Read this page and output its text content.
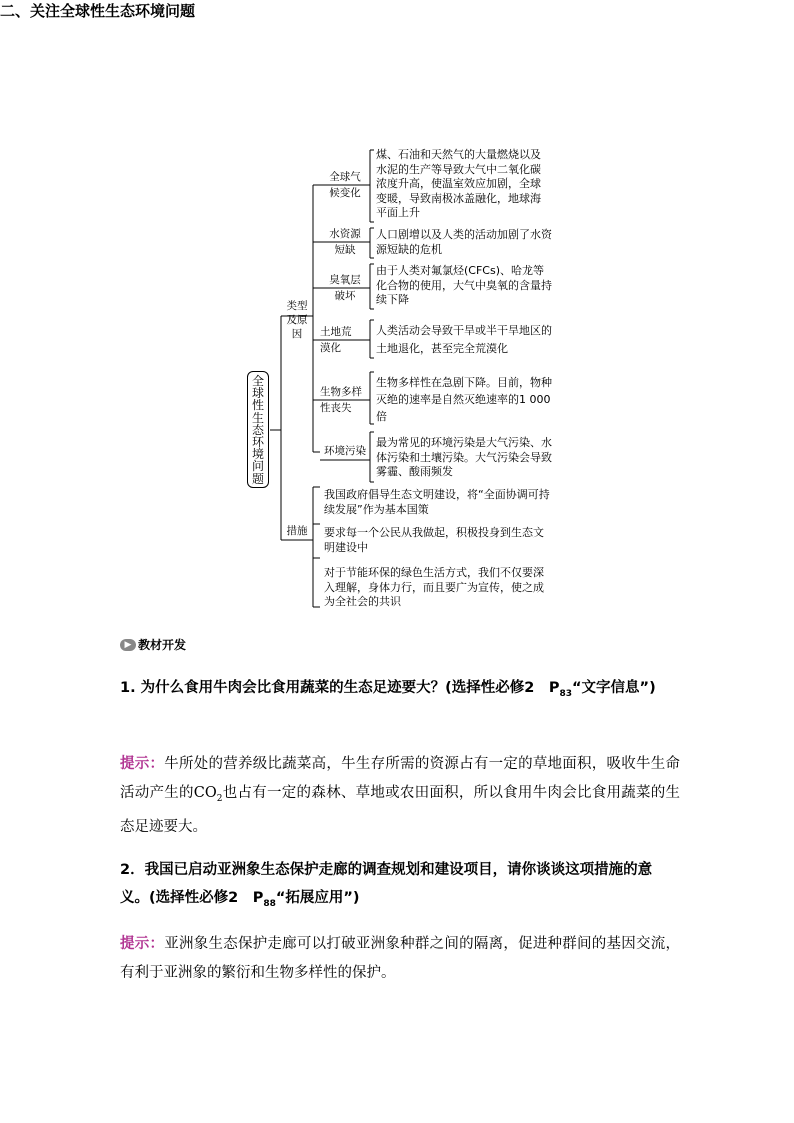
二、关注全球性生态环境问题
全球性生态环境问题
类型及原因
措施
全球气
候变化
水资源
短缺
臭氧层
破坏
土地荒
漠化
生物多样
性丧失
环境污染
煤、石油和天然气的大量燃烧以及水泥的生产等导致大气中二氧化碳浓度升高，使温室效应加剧，全球变暖，导致南极冰盖融化，地球海平面上升
人口剧增以及人类的活动加剧了水资源短缺的危机
由于人类对氟氯烃(CFCs)、哈龙等化合物的使用，大气中臭氧的含量持续下降
人类活动会导致干旱或半干旱地区的土地退化，甚至完全荒漠化
生物多样性在急剧下降。目前，物种灭绝的速率是自然灭绝速率的1 000倍
最为常见的环境污染是大气污染、水体污染和土壤污染。大气污染会导致雾霾、酸雨频发
我国政府倡导生态文明建设，将“全面协调可持续发展”作为基本国策
要求每一个公民从我做起，积极投身到生态文明建设中
对于节能环保的绿色生活方式，我们不仅要深入理解，身体力行，而且要广为宣传，使之成为全社会的共识
▶ 教材开发
1. 为什么食用牛肉会比食用蔬菜的生态足迹要大？(选择性必修2　$P_{83}“$文字信息”)
提示：牛所处的营养级比蔬菜高，牛生存所需的资源占有一定的草地面积，吸收牛生命活动产生的$CO_2$也占有一定的森林、草地或农田面积，所以食用牛肉会比食用蔬菜的生态足迹要大。
2．我国已启动亚洲象生态保护走廊的调查规划和建设项目，请你谈谈这项措施的意义。(选择性必修2　$P_{88}“$拓展应用”)
提示：亚洲象生态保护走廊可以打破亚洲象种群之间的隔离，促进种群间的基因交流，有利于亚洲象的繁衍和生物多样性的保护。
